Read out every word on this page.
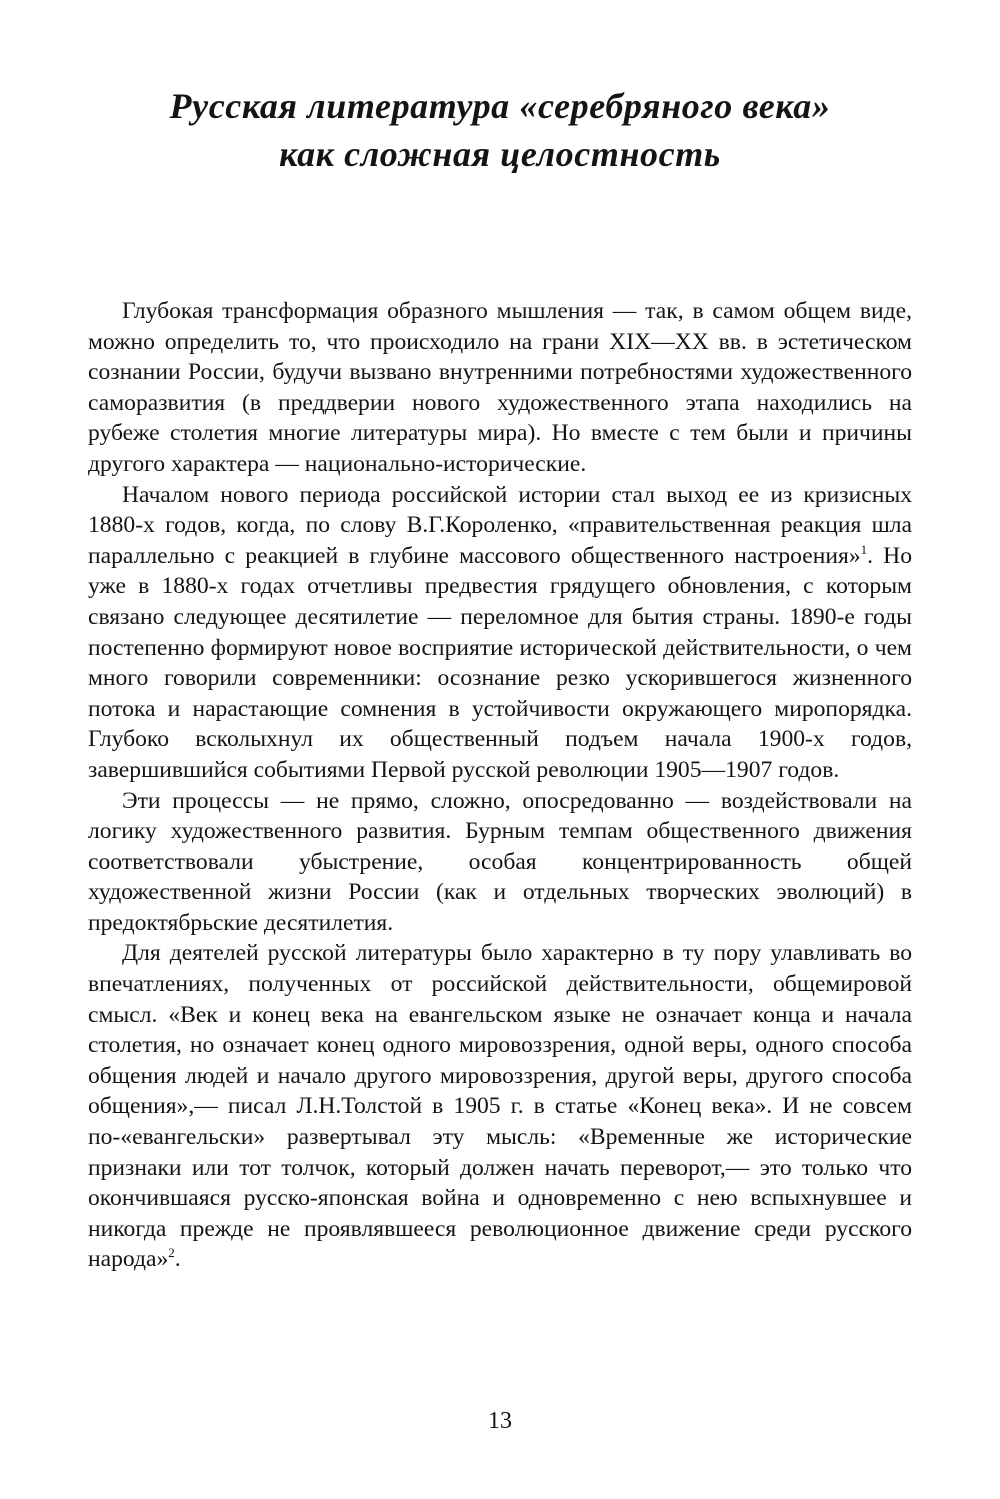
Русская литература «серебряного века»
как сложная целостность

Глубокая трансформация образного мышления — так, в самом общем виде, можно определить то, что происходило на грани XIX—XX вв. в эстетическом сознании России, будучи вызвано внутренними потребностями художественного саморазвития (в преддверии нового художественного этапа находились на рубеже столетия многие литературы мира). Но вместе с тем были и причины другого характера — национально-исторические.

Началом нового периода российской истории стал выход ее из кризисных 1880-х годов, когда, по слову В.Г.Короленко, «правительственная реакция шла параллельно с реакцией в глубине массового общественного настроения»$^1$. Но уже в 1880-х годах отчетливы предвестия грядущего обновления, с которым связано следующее десятилетие — переломное для бытия страны. 1890-е годы постепенно формируют новое восприятие исторической действительности, о чем много говорили современники: осознание резко ускорившегося жизненного потока и нарастающие сомнения в устойчивости окружающего миропорядка. Глубоко всколыхнул их общественный подъем начала 1900-х годов, завершившийся событиями Первой русской революции 1905—1907 годов.

Эти процессы — не прямо, сложно, опосредованно — воздействовали на логику художественного развития. Бурным темпам общественного движения соответствовали убыстрение, особая концентрированность общей художественной жизни России (как и отдельных творческих эволюций) в предоктябрьские десятилетия.

Для деятелей русской литературы было характерно в ту пору улавливать во впечатлениях, полученных от российской действительности, общемировой смысл. «Век и конец века на евангельском языке не означает конца и начала столетия, но означает конец одного мировоззрения, одной веры, одного способа общения людей и начало другого мировоззрения, другой веры, другого способа общения»,— писал Л.Н.Толстой в 1905 г. в статье «Конец века». И не совсем по-«евангельски» развертывал эту мысль: «Временные же исторические признаки или тот толчок, который должен начать переворот,— это только что окончившаяся русско-японская война и одновременно с нею вспыхнувшее и никогда прежде не проявлявшееся революционное движение среди русского народа»$^2$.

13
